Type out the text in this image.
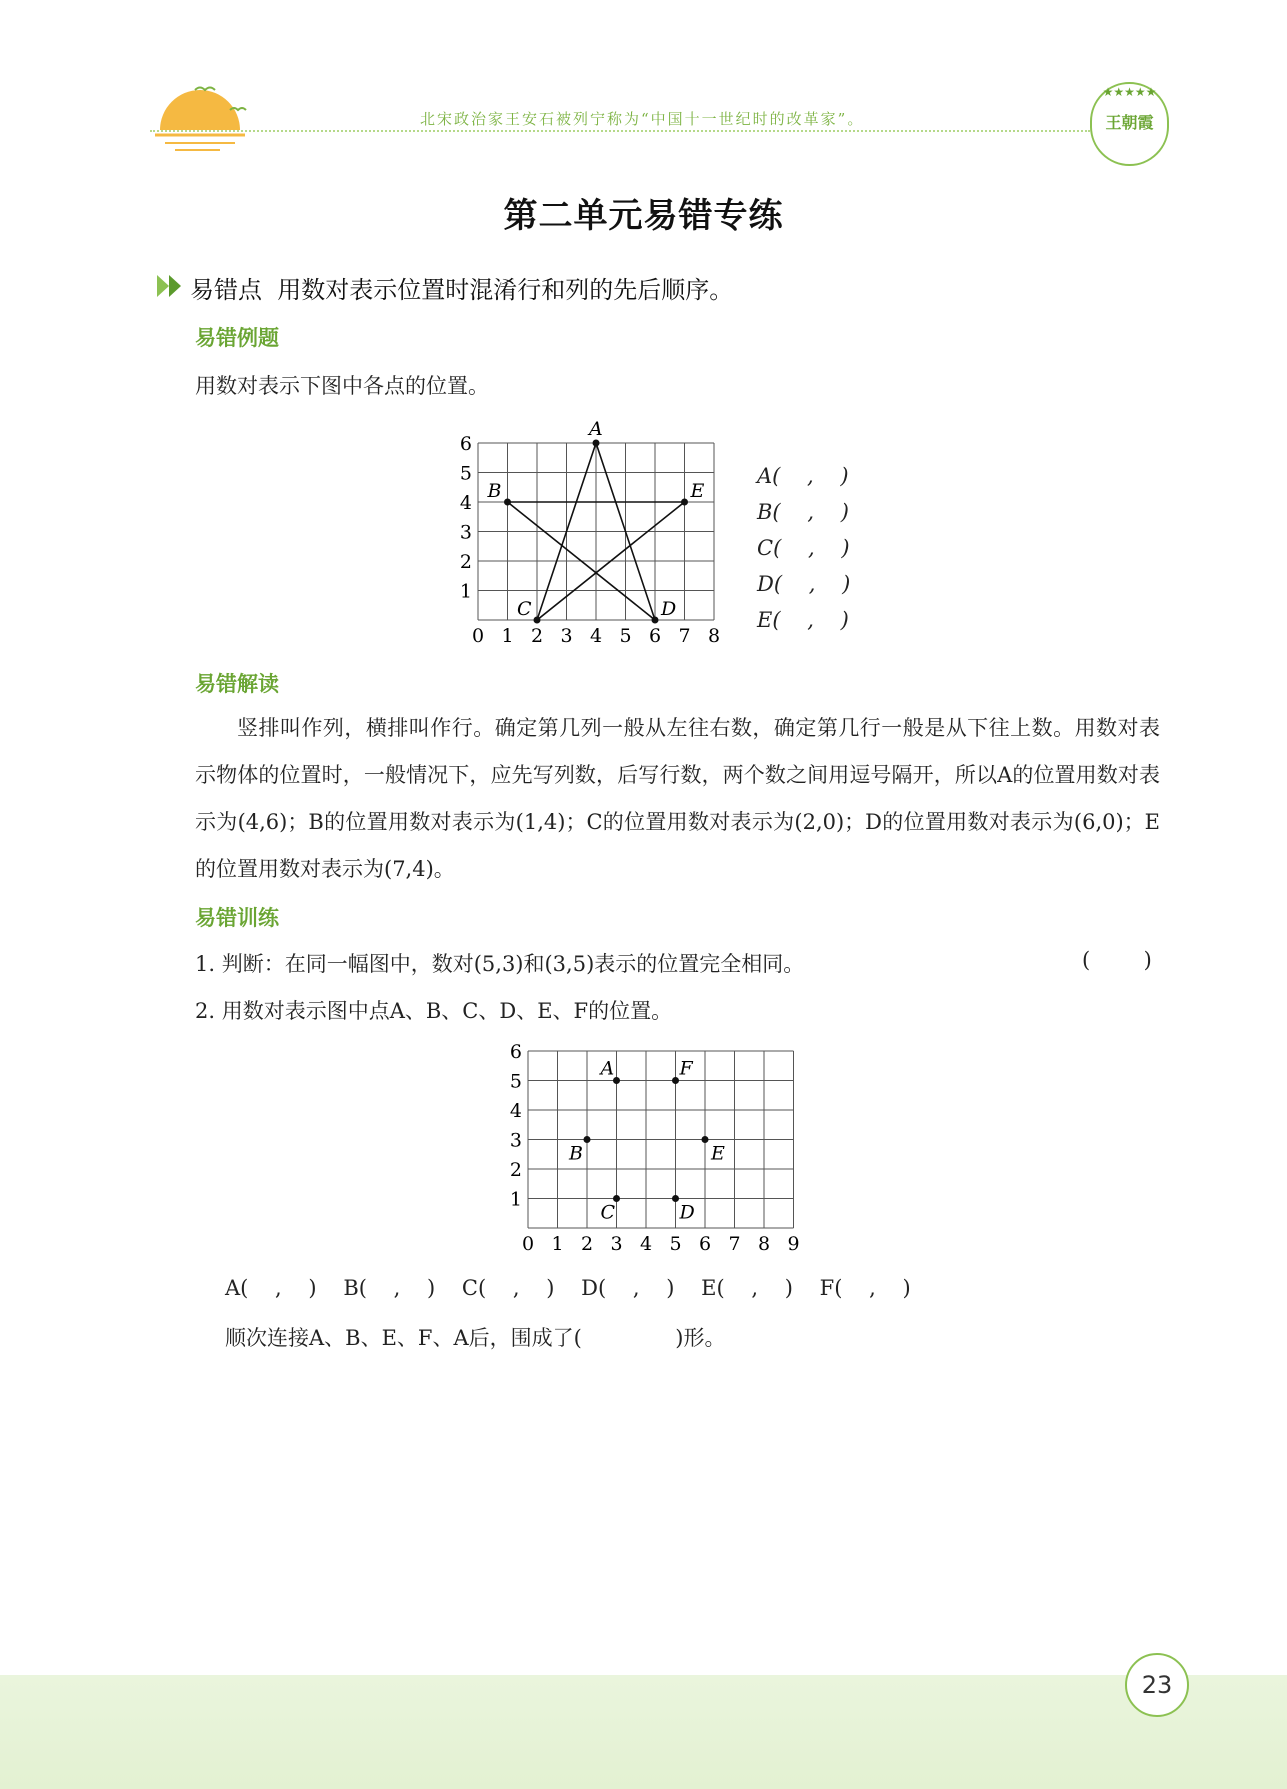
北宋政治家王安石被列宁称为“中国十一世纪时的改革家”。
★★★★★
王朝霞
第二单元易错专练
易错点 用数对表示位置时混淆行和列的先后顺序。
易错例题
用数对表示下图中各点的位置。
0 1 2 3 4 5 6 7 8
1
2
3
4
5
6
A
B
C	D
E
A(    ,    )
B(    ,    )
C(    ,    )
D(    ,    )
E(    ,    )
易错解读
竖排叫作列，横排叫作行。确定第几列一般从左往右数，确定第几行一般是从下往上数。用数对表示物体的位置时，一般情况下，应先写列数，后写行数，两个数之间用逗号隔开，所以A的位置用数对表示为(4,6)；B的位置用数对表示为(1,4)；C的位置用数对表示为(2,0)；D的位置用数对表示为(6,0)；E的位置用数对表示为(7,4)。
易错训练
1. 判断：在同一幅图中，数对(5,3)和(3,5)表示的位置完全相同。	(        )
2. 用数对表示图中点A、B、C、D、E、F的位置。
0 1 2 3 4 5 6 7 8 9
1
2
3
4
5
6
A	F
B	E
C	D
A(    ,    )    B(    ,    )    C(    ,    )    D(    ,    )    E(    ,    )    F(    ,    )
顺次连接A、B、E、F、A后，围成了(              )形。
23
